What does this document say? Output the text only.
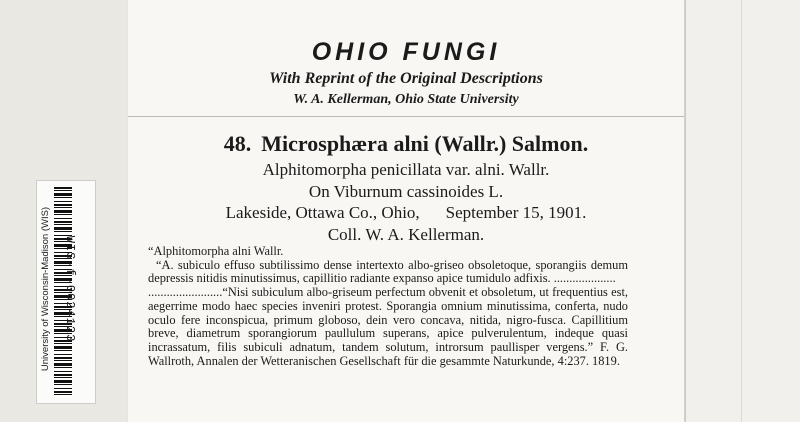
University of Wisconsin-Madison (WIS) WIS-f-0024123
OHIO FUNGI
With Reprint of the Original Descriptions
W. A. Kellerman, Ohio State University
48. Microsphæra alni (Wallr.) Salmon.
Alphitomorpha penicillata var. alni. Wallr.
On Viburnum cassinoides L.
Lakeside, Ottawa Co., Ohio, September 15, 1901.
Coll. W. A. Kellerman.

“Alphitomorpha alni Wallr.

“A. subiculo effuso subtilissimo dense intertexto albo-griseo obsoletoque, sporangiis demum depressis nitidis minutissimus, capillitio radiante expanso apice tumidulo adfixis. ....................

........................“Nisi subiculum albo-griseum perfectum obvenit et obsoletum, ut frequentius est, aegerrime modo haec species inveniri protest. Sporangia omnium minutissima, conferta, nudo oculo fere inconspicua, primum globoso, dein vero concava, nitida, nigro-fusca. Capillitium breve, diametrum sporangiorum paullulum superans, apice pulverulentum, indeque quasi incrassatum, filis subiculi adnatum, tandem solutum, introrsum paullisper vergens.” F. G. Wallroth, Annalen der Wetteranischen Gesellschaft für die gesammte Naturkunde, 4:237. 1819.
